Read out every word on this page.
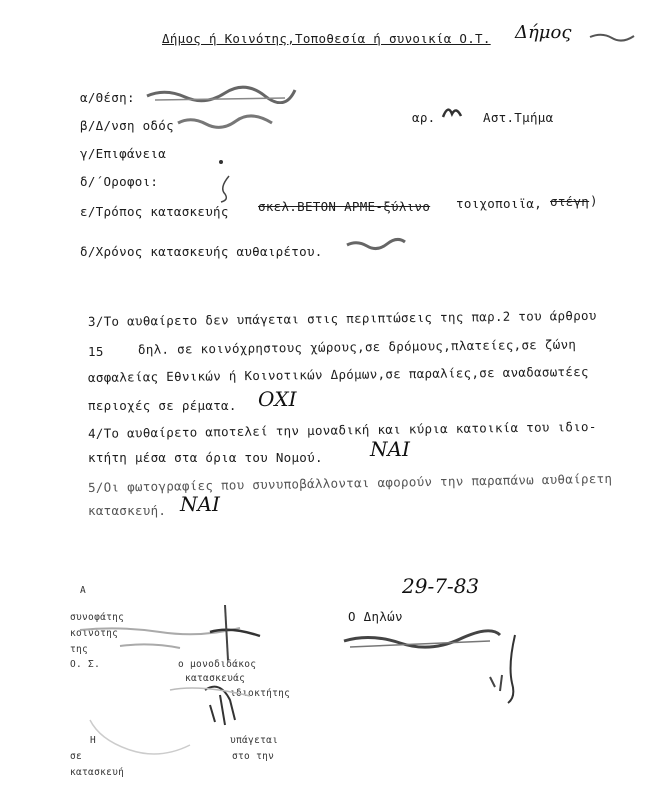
Δήμος ή Κοινότης,Τοποθεσία ή συνοικία Ο.Τ. Δήμος
α/Θέση:
β/Δ/νση οδός
αρ.	Αστ.Τμήμα
γ/Επιφάνεια
δ/΄Οροφοι:
ε/Τρόπος κατασκευής σκελ.ΒΕΤΟΝ ΑΡΜΕ-ξύλινο τοιχοποιϊα, στέγη )
δ/Χρόνος κατασκευής αυθαιρέτου.
3/Το αυθαίρετο δεν υπάγεται στις περιπτώσεις της παρ.2 του άρθρου
15	δηλ. σε κοινόχρηστους χώρους,σε δρόμους,πλατείες,σε ζώνη
ασφαλείας Εθνικών ή Κοινοτικών Δρόμων,σε παραλίες,σε αναδασωτέες
περιοχές σε ρέματα. ΟΧΙ
4/Το αυθαίρετο αποτελεί την μοναδική και κύρια κατοικία του ιδιο-
κτήτη μέσα στα όρια του Νομού. ΝΑΙ
5/Οι φωτογραφίες που συνυποβάλλονται αφορούν την παραπάνω αυθαίρετη
κατασκευή. ΝΑΙ
29-7-83
Ο Δηλών
Α
συνοφάτης
κοινότης
της
Ο. Σ.	ο μονοδιδάκος
κατασκευάς
ιδιοκτήτης
Η	υπάγεται
σε	στο την
κατασκευή
